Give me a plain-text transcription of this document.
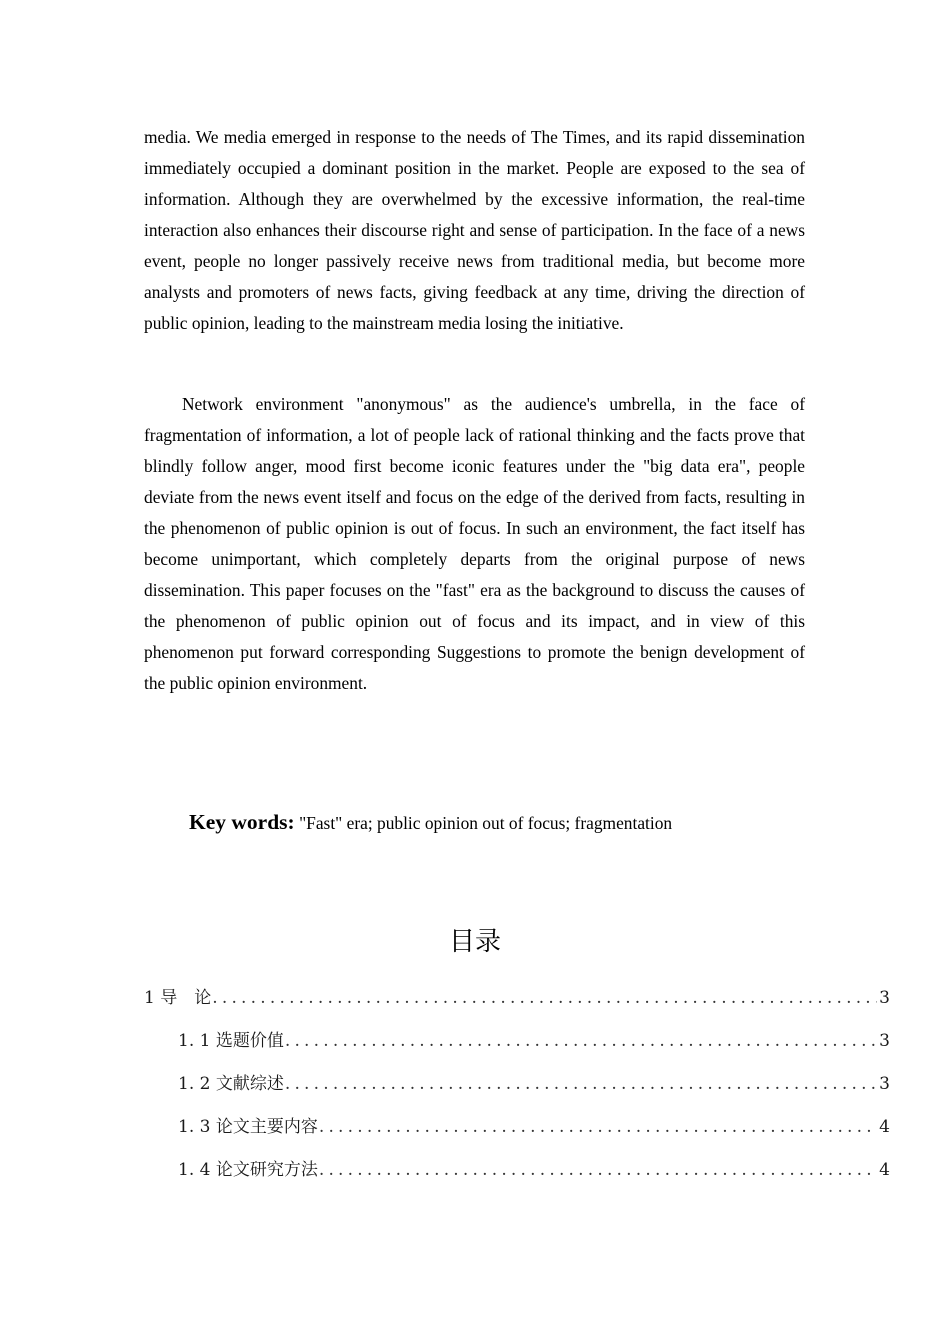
media. We media emerged in response to the needs of The Times, and its rapid dissemination immediately occupied a dominant position in the market. People are exposed to the sea of information. Although they are overwhelmed by the excessive information, the real-time interaction also enhances their discourse right and sense of participation. In the face of a news event, people no longer passively receive news from traditional media, but become more analysts and promoters of news facts, giving feedback at any time, driving the direction of public opinion, leading to the mainstream media losing the initiative.

Network environment "anonymous" as the audience's umbrella, in the face of fragmentation of information, a lot of people lack of rational thinking and the facts prove that blindly follow anger, mood first become iconic features under the "big data era", people deviate from the news event itself and focus on the edge of the derived from facts, resulting in the phenomenon of public opinion is out of focus. In such an environment, the fact itself has become unimportant, which completely departs from the original purpose of news dissemination. This paper focuses on the "fast" era as the background to discuss the causes of the phenomenon of public opinion out of focus and its impact, and in view of this phenomenon put forward corresponding Suggestions to promote the benign development of the public opinion environment.

Key words: "Fast" era; public opinion out of focus; fragmentation
目录
1 导　论 .....	3
1. 1 选题价值 .....	3
1. 2 文献综述 .....	3
1. 3 论文主要内容 .....	4
1. 4 论文研究方法 .....	4
